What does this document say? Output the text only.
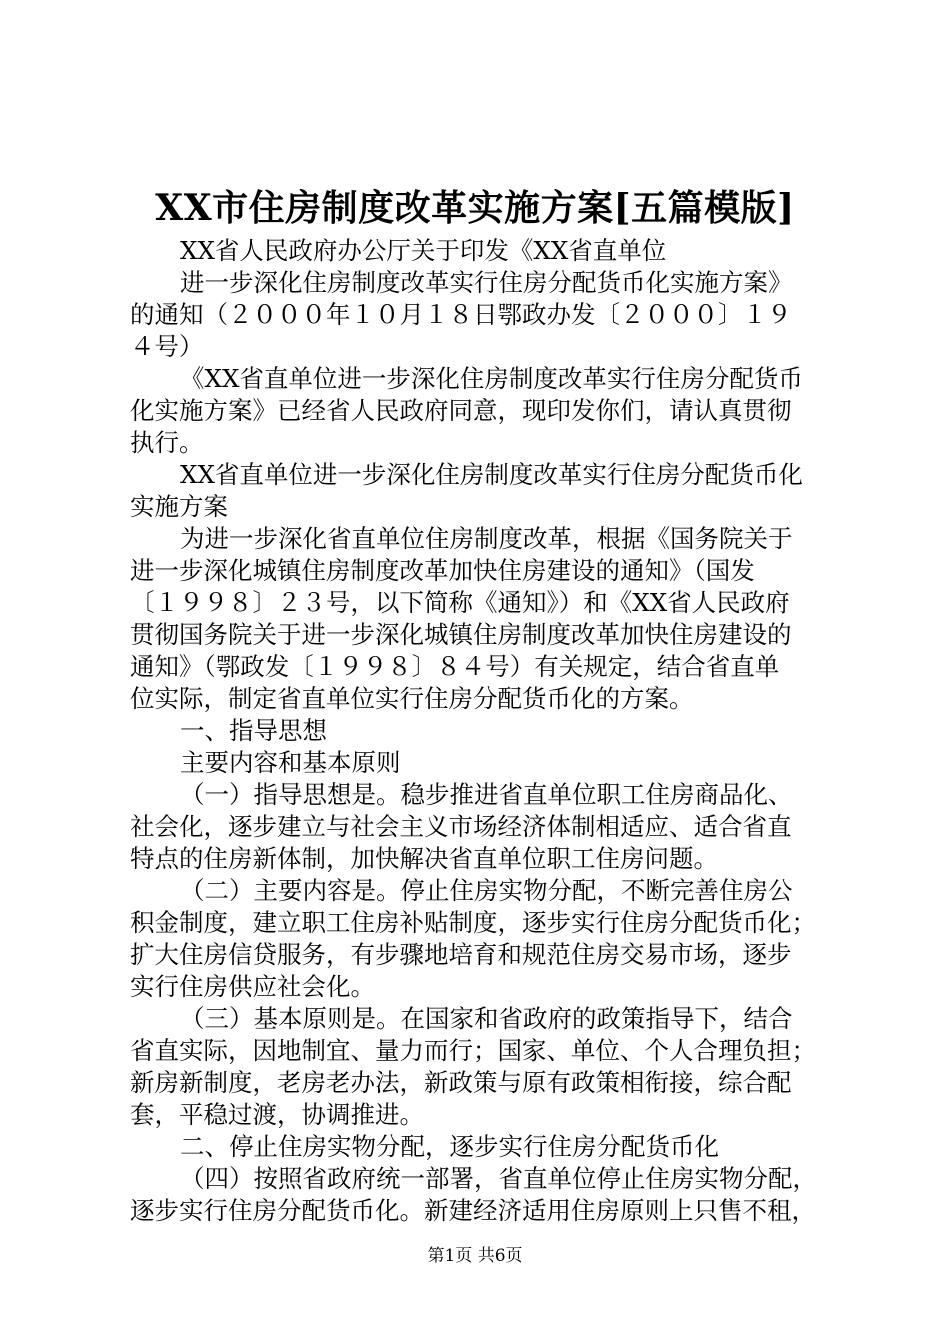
XX市住房制度改革实施方案[五篇模版]
XX省人民政府办公厅关于印发《XX省直单位
进一步深化住房制度改革实行住房分配货币化实施方案》
的通知（２０００年１０月１８日鄂政办发〔２０００〕１９
４号）
《XX省直单位进一步深化住房制度改革实行住房分配货币
化实施方案》已经省人民政府同意，现印发你们，请认真贯彻
执行。
XX省直单位进一步深化住房制度改革实行住房分配货币化
实施方案
为进一步深化省直单位住房制度改革，根据《国务院关于
进一步深化城镇住房制度改革加快住房建设的通知》（国发
〔１９９８〕２３号，以下简称《通知》）和《XX省人民政府
贯彻国务院关于进一步深化城镇住房制度改革加快住房建设的
通知》（鄂政发〔１９９８〕８４号）有关规定，结合省直单
位实际，制定省直单位实行住房分配货币化的方案。
一、指导思想
主要内容和基本原则
（一）指导思想是。稳步推进省直单位职工住房商品化、
社会化，逐步建立与社会主义市场经济体制相适应、适合省直
特点的住房新体制，加快解决省直单位职工住房问题。
（二）主要内容是。停止住房实物分配，不断完善住房公
积金制度，建立职工住房补贴制度，逐步实行住房分配货币化；
扩大住房信贷服务，有步骤地培育和规范住房交易市场，逐步
实行住房供应社会化。
（三）基本原则是。在国家和省政府的政策指导下，结合
省直实际，因地制宜、量力而行；国家、单位、个人合理负担；
新房新制度，老房老办法，新政策与原有政策相衔接，综合配
套，平稳过渡，协调推进。
二、停止住房实物分配，逐步实行住房分配货币化
（四）按照省政府统一部署，省直单位停止住房实物分配，
逐步实行住房分配货币化。新建经济适用住房原则上只售不租，
第1页 共6页
